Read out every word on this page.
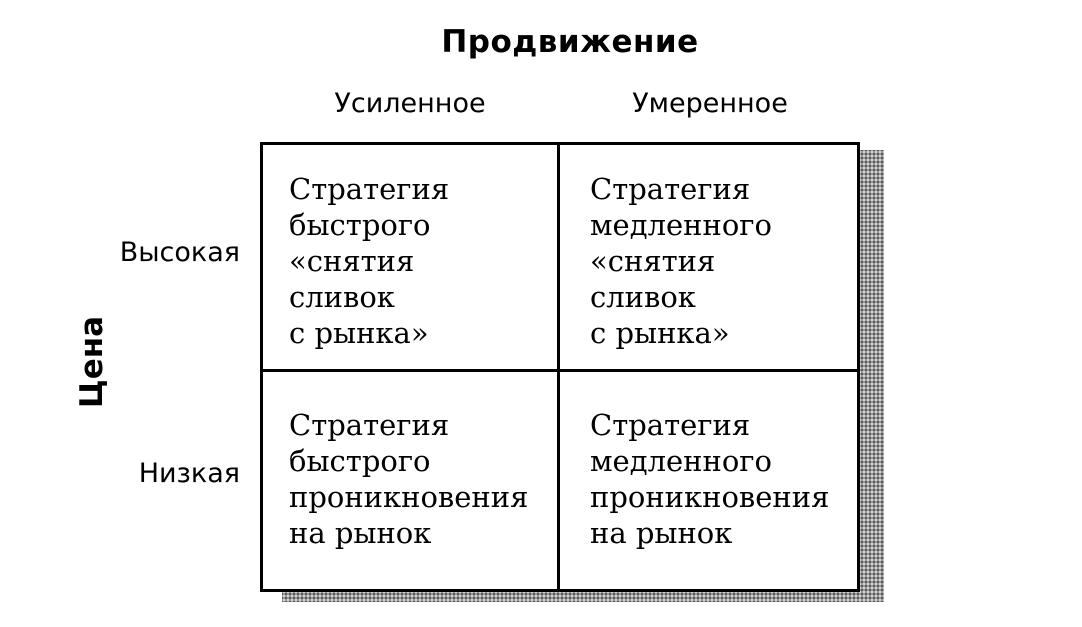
Продвижение
Усиленное	Умеренное
Цена
Высокая
Низкая
Стратегия
быстрого
«снятия
сливок
с рынка»
Стратегия
медленного
«снятия
сливок
с рынка»
Стратегия
быстрого
проникновения
на рынок
Стратегия
медленного
проникновения
на рынок
